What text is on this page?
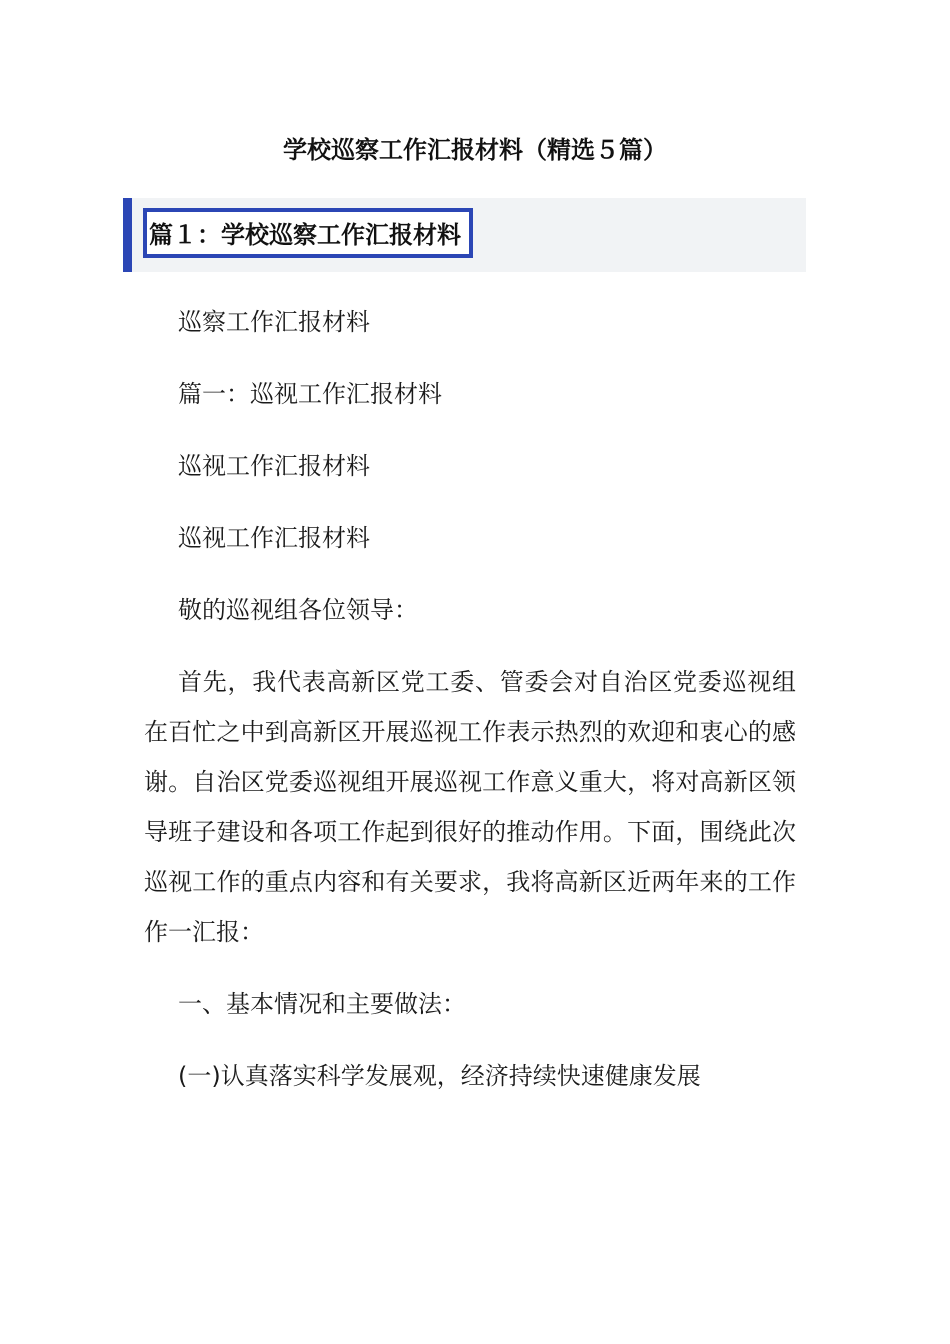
学校巡察工作汇报材料（精选５篇）
篇１：学校巡察工作汇报材料

巡察工作汇报材料

篇一：巡视工作汇报材料

巡视工作汇报材料

巡视工作汇报材料

敬的巡视组各位领导：

首先，我代表高新区党工委、管委会对自治区党委巡视组在百忙之中到高新区开展巡视工作表示热烈的欢迎和衷心的感谢。自治区党委巡视组开展巡视工作意义重大，将对高新区领导班子建设和各项工作起到很好的推动作用。下面，围绕此次巡视工作的重点内容和有关要求，我将高新区近两年来的工作作一汇报：

一、基本情况和主要做法：

(一)认真落实科学发展观，经济持续快速健康发展
